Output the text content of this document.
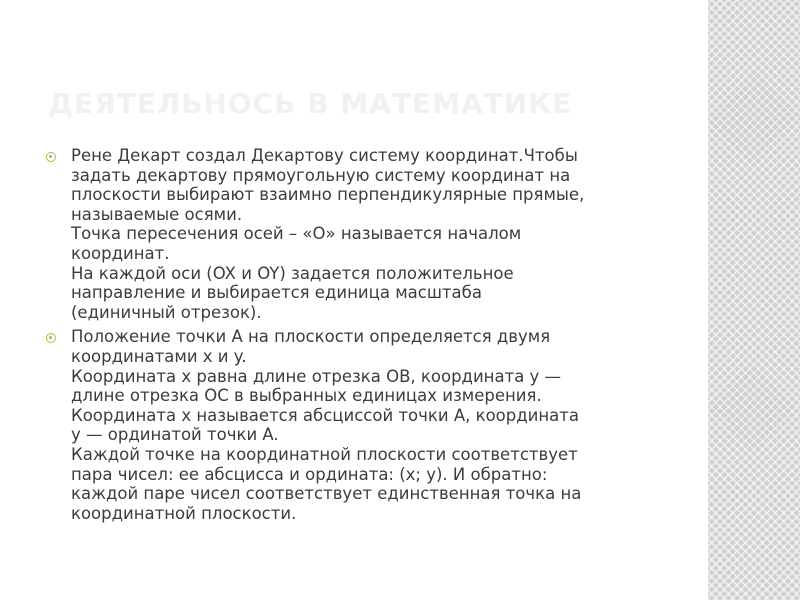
ДЕЯТЕЛЬНОСЬ В МАТЕМАТИКЕ
Рене Декарт создал Декартову систему координат.Чтобы
задать декартову прямоугольную систему координат на
плоскости выбирают взаимно перпендикулярные прямые,
называемые осями.
Точка пересечения осей – «O» называется началом
координат.
На каждой оси (OX и OY) задается положительное
направление и выбирается единица масштаба
(единичный отрезок).
Положение точки A на плоскости определяется двумя
координатами x и y.
Координата x равна длине отрезка OB, координата y —
длине отрезка OC в выбранных единицах измерения.
Координата x называется абсциссой точки A, координата
y — ординатой точки A.
Каждой точке на координатной плоскости соответствует
пара чисел: ее абсцисса и ордината: (x; y). И обратно:
каждой паре чисел соответствует единственная точка на
координатной плоскости.
